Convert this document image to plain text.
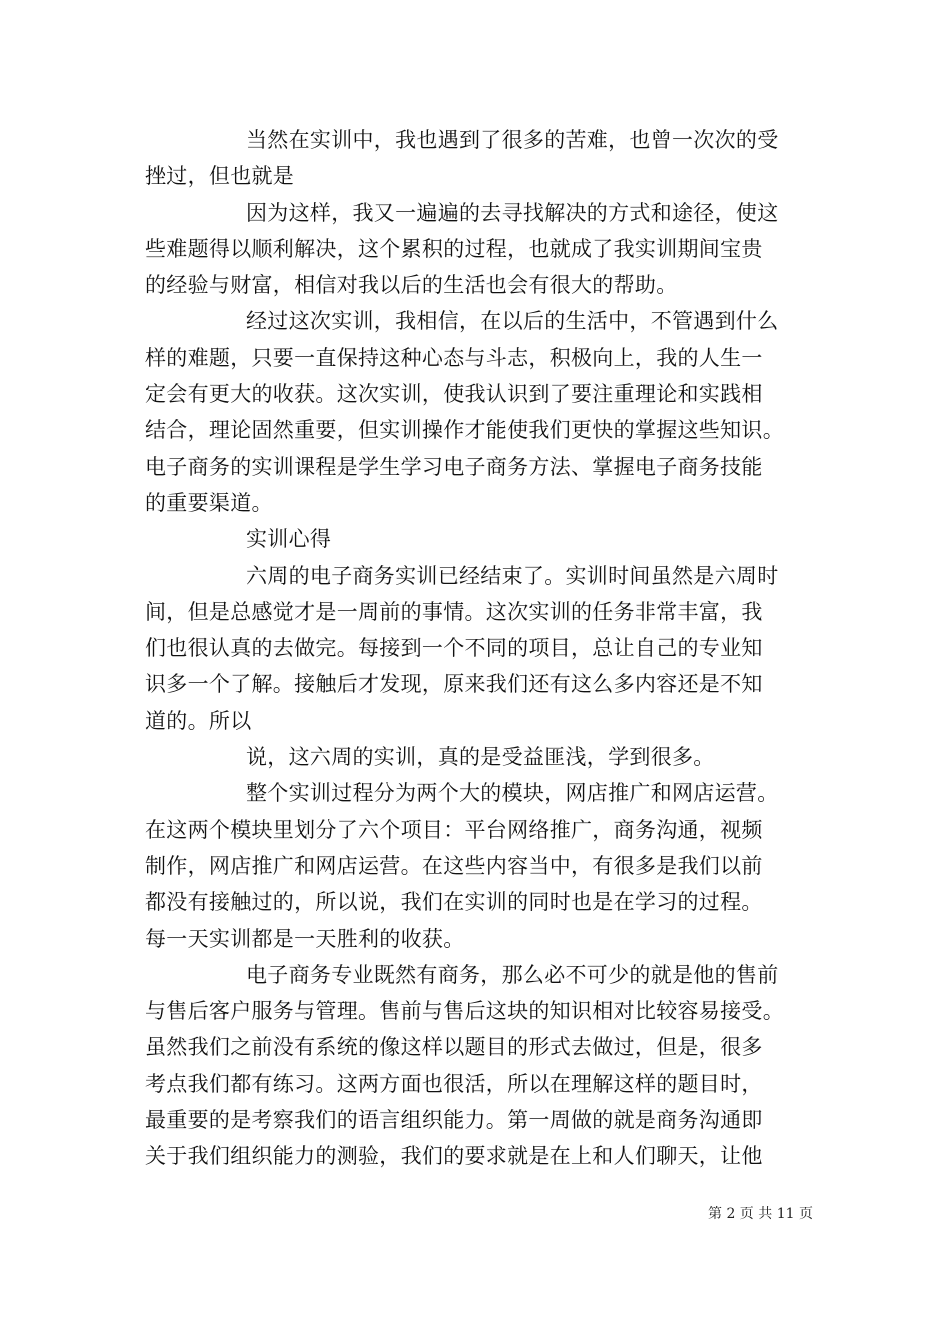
当然在实训中，我也遇到了很多的苦难，也曾一次次的受
挫过，但也就是
因为这样，我又一遍遍的去寻找解决的方式和途径，使这
些难题得以顺利解决，这个累积的过程，也就成了我实训期间宝贵
的经验与财富，相信对我以后的生活也会有很大的帮助。
经过这次实训，我相信，在以后的生活中，不管遇到什么
样的难题，只要一直保持这种心态与斗志，积极向上，我的人生一
定会有更大的收获。这次实训，使我认识到了要注重理论和实践相
结合，理论固然重要，但实训操作才能使我们更快的掌握这些知识。
电子商务的实训课程是学生学习电子商务方法、掌握电子商务技能
的重要渠道。
实训心得
六周的电子商务实训已经结束了。实训时间虽然是六周时
间，但是总感觉才是一周前的事情。这次实训的任务非常丰富，我
们也很认真的去做完。每接到一个不同的项目，总让自己的专业知
识多一个了解。接触后才发现，原来我们还有这么多内容还是不知
道的。所以
说，这六周的实训，真的是受益匪浅，学到很多。
整个实训过程分为两个大的模块，网店推广和网店运营。
在这两个模块里划分了六个项目：平台网络推广，商务沟通，视频
制作，网店推广和网店运营。在这些内容当中，有很多是我们以前
都没有接触过的，所以说，我们在实训的同时也是在学习的过程。
每一天实训都是一天胜利的收获。
电子商务专业既然有商务，那么必不可少的就是他的售前
与售后客户服务与管理。售前与售后这块的知识相对比较容易接受。
虽然我们之前没有系统的像这样以题目的形式去做过，但是，很多
考点我们都有练习。这两方面也很活，所以在理解这样的题目时，
最重要的是考察我们的语言组织能力。第一周做的就是商务沟通即
关于我们组织能力的测验，我们的要求就是在上和人们聊天，让他
第 2 页 共 11 页
